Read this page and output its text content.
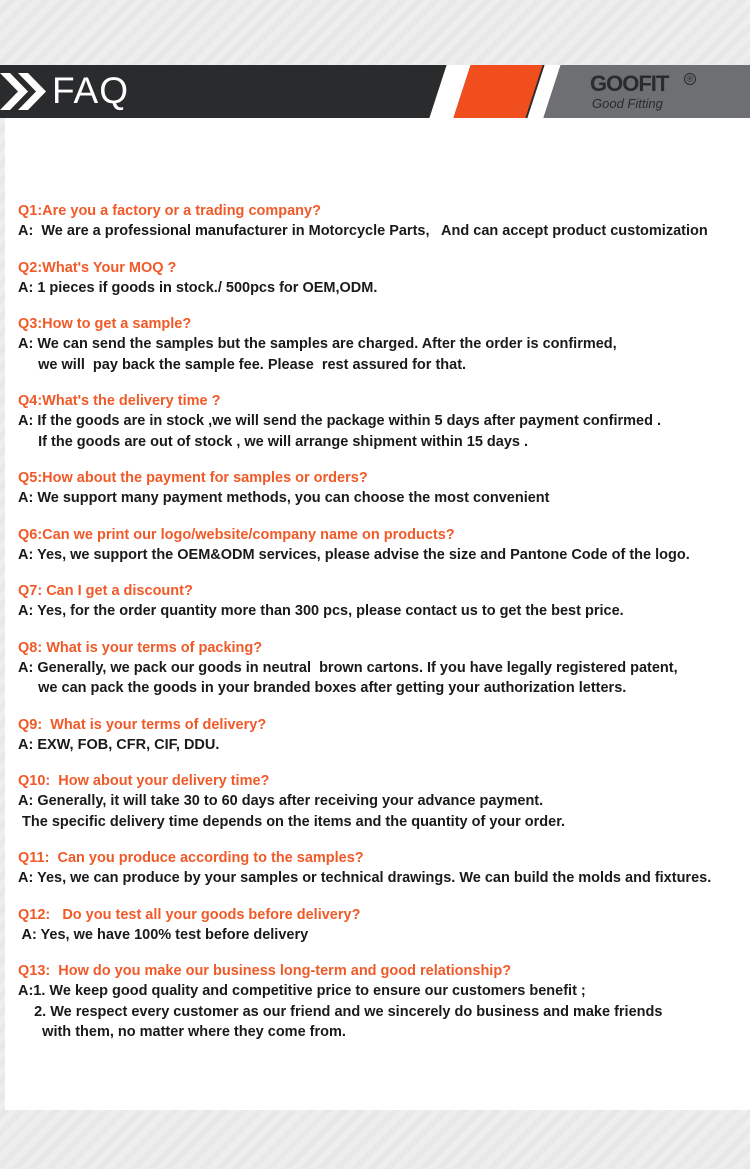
FAQ	GOOFIT ®
Good Fitting
Q1:Are you a factory or a trading company?
A:  We are a professional manufacturer in Motorcycle Parts,   And can accept product customization
Q2:What's Your MOQ ?
A: 1 pieces if goods in stock./ 500pcs for OEM,ODM.
Q3:How to get a sample?
A: We can send the samples but the samples are charged. After the order is confirmed,
we will  pay back the sample fee. Please  rest assured for that.
Q4:What's the delivery time ?
A: If the goods are in stock ,we will send the package within 5 days after payment confirmed .
If the goods are out of stock , we will arrange shipment within 15 days .
Q5:How about the payment for samples or orders?
A: We support many payment methods, you can choose the most convenient
Q6:Can we print our logo/website/company name on products?
A: Yes, we support the OEM&ODM services, please advise the size and Pantone Code of the logo.
Q7: Can I get a discount?
A: Yes, for the order quantity more than 300 pcs, please contact us to get the best price.
Q8: What is your terms of packing?
A: Generally, we pack our goods in neutral  brown cartons. If you have legally registered patent,
we can pack the goods in your branded boxes after getting your authorization letters.
Q9:  What is your terms of delivery?
A: EXW, FOB, CFR, CIF, DDU.
Q10:  How about your delivery time?
A: Generally, it will take 30 to 60 days after receiving your advance payment.
The specific delivery time depends on the items and the quantity of your order.
Q11:  Can you produce according to the samples?
A: Yes, we can produce by your samples or technical drawings. We can build the molds and fixtures.
Q12:   Do you test all your goods before delivery?
A: Yes, we have 100% test before delivery
Q13:  How do you make our business long-term and good relationship?
A:1. We keep good quality and competitive price to ensure our customers benefit ;
2. We respect every customer as our friend and we sincerely do business and make friends
with them, no matter where they come from.
